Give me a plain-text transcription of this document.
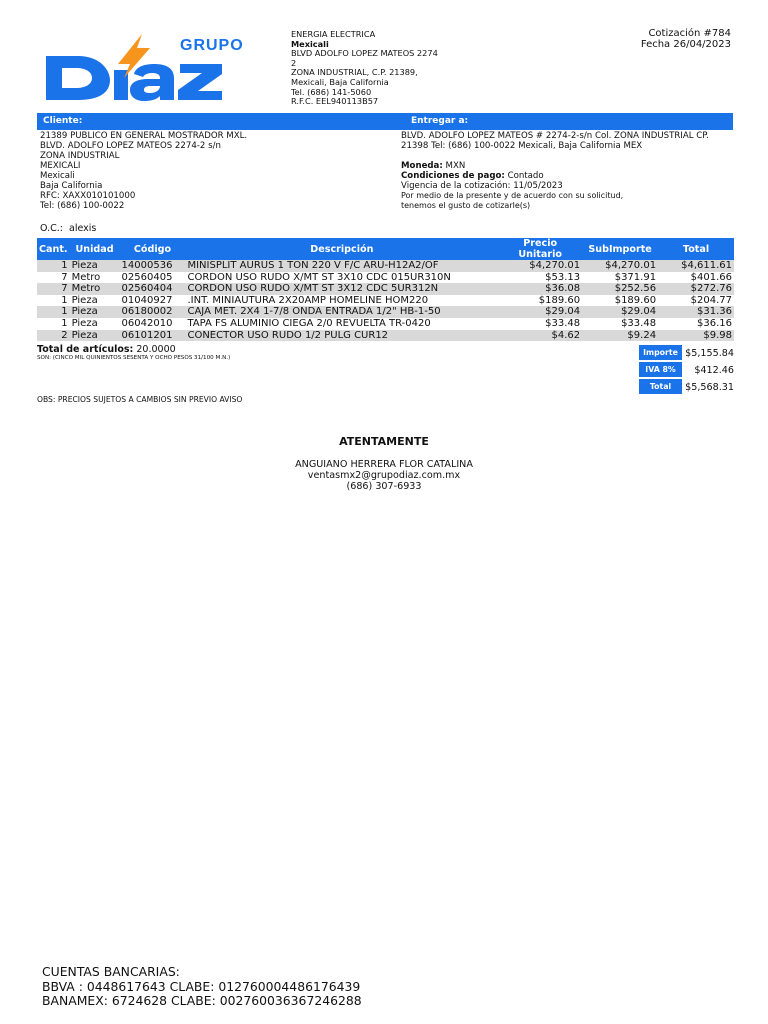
GRUPO
ENERGIA ELECTRICA
Mexicali
BLVD ADOLFO LOPEZ MATEOS 2274
2
ZONA INDUSTRIAL, C.P. 21389,
Mexicali, Baja California
Tel. (686) 141-5060
R.F.C. EEL940113B57
Cotización #784
Fecha 26/04/2023
Cliente:	Entregar a:
21389 PUBLICO EN GENERAL MOSTRADOR MXL.
BLVD. ADOLFO LOPEZ MATEOS 2274-2 s/n
ZONA INDUSTRIAL
MEXICALI
Mexicali
Baja California
RFC: XAXX010101000
Tel: (686) 100-0022
BLVD. ADOLFO LOPEZ MATEOS # 2274-2-s/n Col. ZONA INDUSTRIAL CP.
21398 Tel: (686) 100-0022 Mexicali, Baja California MEX
Moneda: MXN
Condiciones de pago: Contado
Vigencia de la cotización: 11/05/2023
Por medio de la presente y de acuerdo con su solicitud,
tenemos el gusto de cotizarle(s)
O.C.: alexis
Cant.	Unidad	Código	Descripción	Precio Unitario	SubImporte	Total
1	Pieza	14000536	MINISPLIT AURUS 1 TON 220 V F/C ARU-H12A2/OF	$4,270.01	$4,270.01	$4,611.61
7	Metro	02560405	CORDON USO RUDO X/MT ST 3X10 CDC 015UR310N	$53.13	$371.91	$401.66
7	Metro	02560404	CORDON USO RUDO X/MT ST 3X12 CDC 5UR312N	$36.08	$252.56	$272.76
1	Pieza	01040927	.INT. MINIAUTURA 2X20AMP HOMELINE HOM220	$189.60	$189.60	$204.77
1	Pieza	06180002	CAJA MET. 2X4 1-7/8 ONDA ENTRADA 1/2" HB-1-50	$29.04	$29.04	$31.36
1	Pieza	06042010	TAPA FS ALUMINIO CIEGA 2/0 REVUELTA TR-0420	$33.48	$33.48	$36.16
2	Pieza	06101201	CONECTOR USO RUDO 1/2 PULG CUR12	$4.62	$9.24	$9.98
Total de artículos: 20.0000
SON: (CINCO MIL QUINIENTOS SESENTA Y OCHO PESOS 31/100 M.N.)
Importe $5,155.84
IVA 8%	$412.46
Total	$5,568.31
OBS: PRECIOS SUJETOS A CAMBIOS SIN PREVIO AVISO
ATENTAMENTE
ANGUIANO HERRERA FLOR CATALINA
ventasmx2@grupodiaz.com.mx
(686) 307-6933
CUENTAS BANCARIAS:
BBVA : 0448617643 CLABE: 012760004486176439
BANAMEX: 6724628 CLABE: 002760036367246288
